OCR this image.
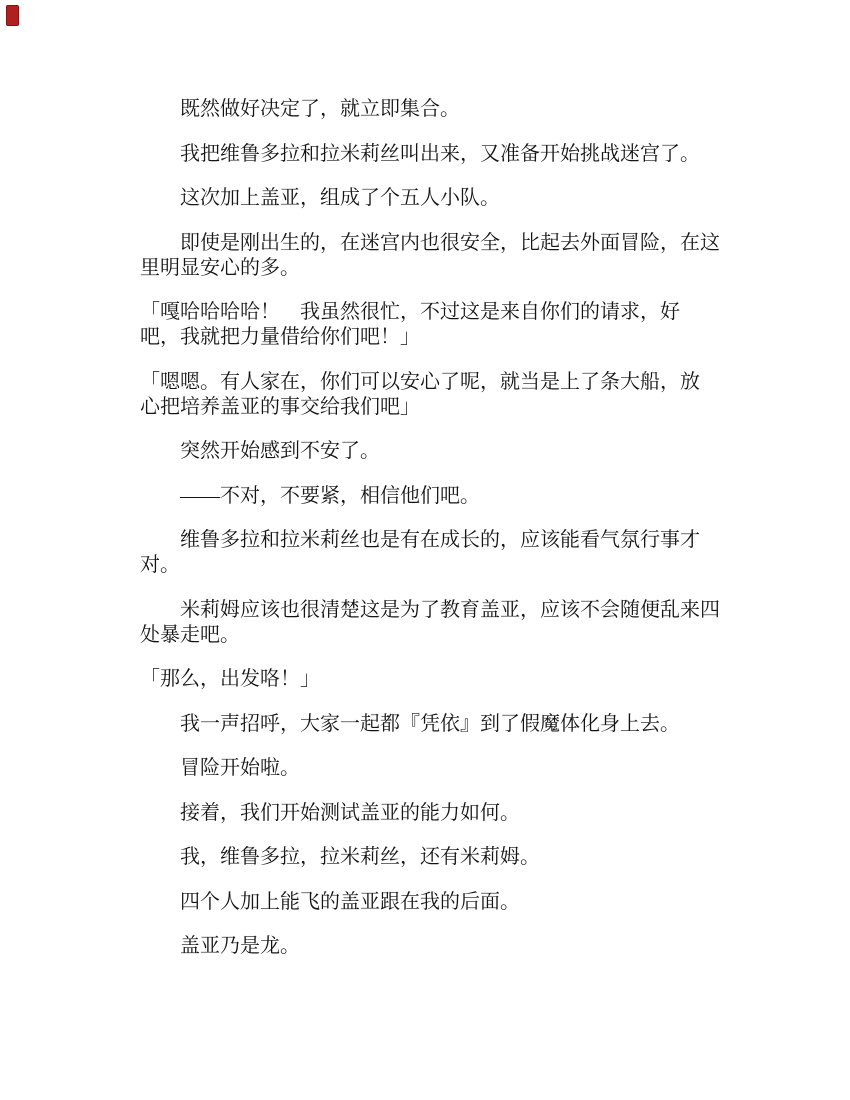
既然做好决定了，就立即集合。

我把维鲁多拉和拉米莉丝叫出来，又准备开始挑战迷宫了。

这次加上盖亚，组成了个五人小队。

即使是刚出生的，在迷宫内也很安全，比起去外面冒险，在这
里明显安心的多。

「嘎哈哈哈哈！　我虽然很忙，不过这是来自你们的请求，好
吧，我就把力量借给你们吧！」

「嗯嗯。有人家在，你们可以安心了呢，就当是上了条大船，放
心把培养盖亚的事交给我们吧」

突然开始感到不安了。

——不对，不要紧，相信他们吧。

维鲁多拉和拉米莉丝也是有在成长的，应该能看气氛行事才
对。

米莉姆应该也很清楚这是为了教育盖亚，应该不会随便乱来四
处暴走吧。

「那么，出发咯！」

我一声招呼，大家一起都『凭依』到了假魔体化身上去。

冒险开始啦。

接着，我们开始测试盖亚的能力如何。

我，维鲁多拉，拉米莉丝，还有米莉姆。

四个人加上能飞的盖亚跟在我的后面。

盖亚乃是龙。
